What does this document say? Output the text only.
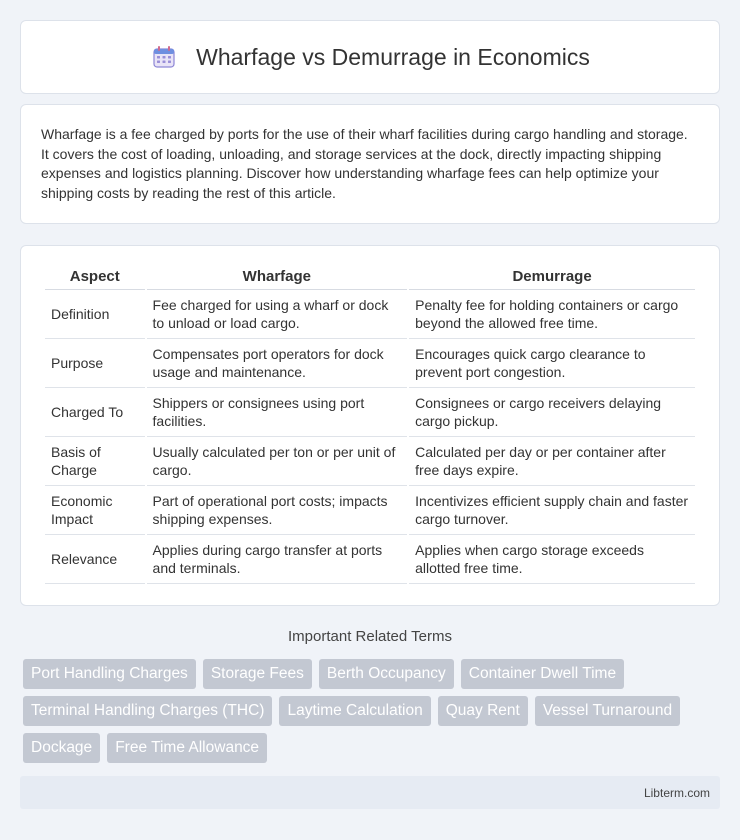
Wharfage vs Demurrage in Economics

Wharfage is a fee charged by ports for the use of their wharf facilities during cargo handling and storage. It covers the cost of loading, unloading, and storage services at the dock, directly impacting shipping expenses and logistics planning. Discover how understanding wharfage fees can help optimize your shipping costs by reading the rest of this article.

Aspect	Wharfage	Demurrage
Definition	Fee charged for using a wharf or dock to unload or load cargo.	Penalty fee for holding containers or cargo beyond the allowed free time.
Purpose	Compensates port operators for dock usage and maintenance.	Encourages quick cargo clearance to prevent port congestion.
Charged To	Shippers or consignees using port facilities.	Consignees or cargo receivers delaying cargo pickup.
Basis of Charge	Usually calculated per ton or per unit of cargo.	Calculated per day or per container after free days expire.
Economic Impact	Part of operational port costs; impacts shipping expenses.	Incentivizes efficient supply chain and faster cargo turnover.
Relevance	Applies during cargo transfer at ports and terminals.	Applies when cargo storage exceeds allotted free time.
Important Related Terms
Port Handling Charges	Storage Fees	Berth Occupancy	Container Dwell Time
Terminal Handling Charges (THC)	Laytime Calculation	Quay Rent	Vessel Turnaround
Dockage	Free Time Allowance
Libterm.com
